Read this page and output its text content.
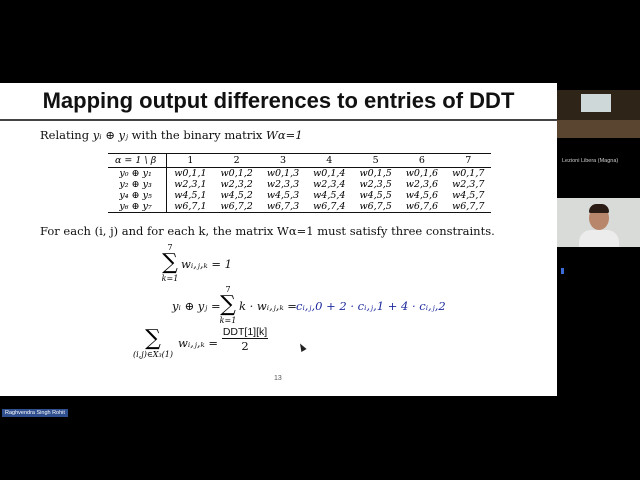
Mapping output differences to entries of DDT
Relating yᵢ ⊕ yⱼ with the binary matrix Wα=1
α = 1 \ β	1	2	3	4	5	6	7
y₀ ⊕ y₁	w0,1,1	w0,1,2	w0,1,3	w0,1,4	w0,1,5	w0,1,6	w0,1,7
y₂ ⊕ y₃	w2,3,1	w2,3,2	w2,3,3	w2,3,4	w2,3,5	w2,3,6	w2,3,7
y₄ ⊕ y₅	w4,5,1	w4,5,2	w4,5,3	w4,5,4	w4,5,5	w4,5,6	w4,5,7
y₆ ⊕ y₇	w6,7,1	w6,7,2	w6,7,3	w6,7,4	w6,7,5	w6,7,6	w6,7,7
For each (i, j) and for each k, the matrix Wα=1 must satisfy three constraints.
7
∑
k=1
wᵢ,ⱼ,ₖ = 1
yᵢ ⊕ yⱼ =
7
∑
k=1
k · wᵢ,ⱼ,ₖ = cᵢ,ⱼ,0 + 2 · cᵢ,ⱼ,1 + 4 · cᵢ,ⱼ,2
∑
(i,j)∈X₃(1)
wᵢ,ⱼ,ₖ =
DDT[1][k]
2
13
Lezioni Libera (Magna)
Raghvendra Singh Rohit
